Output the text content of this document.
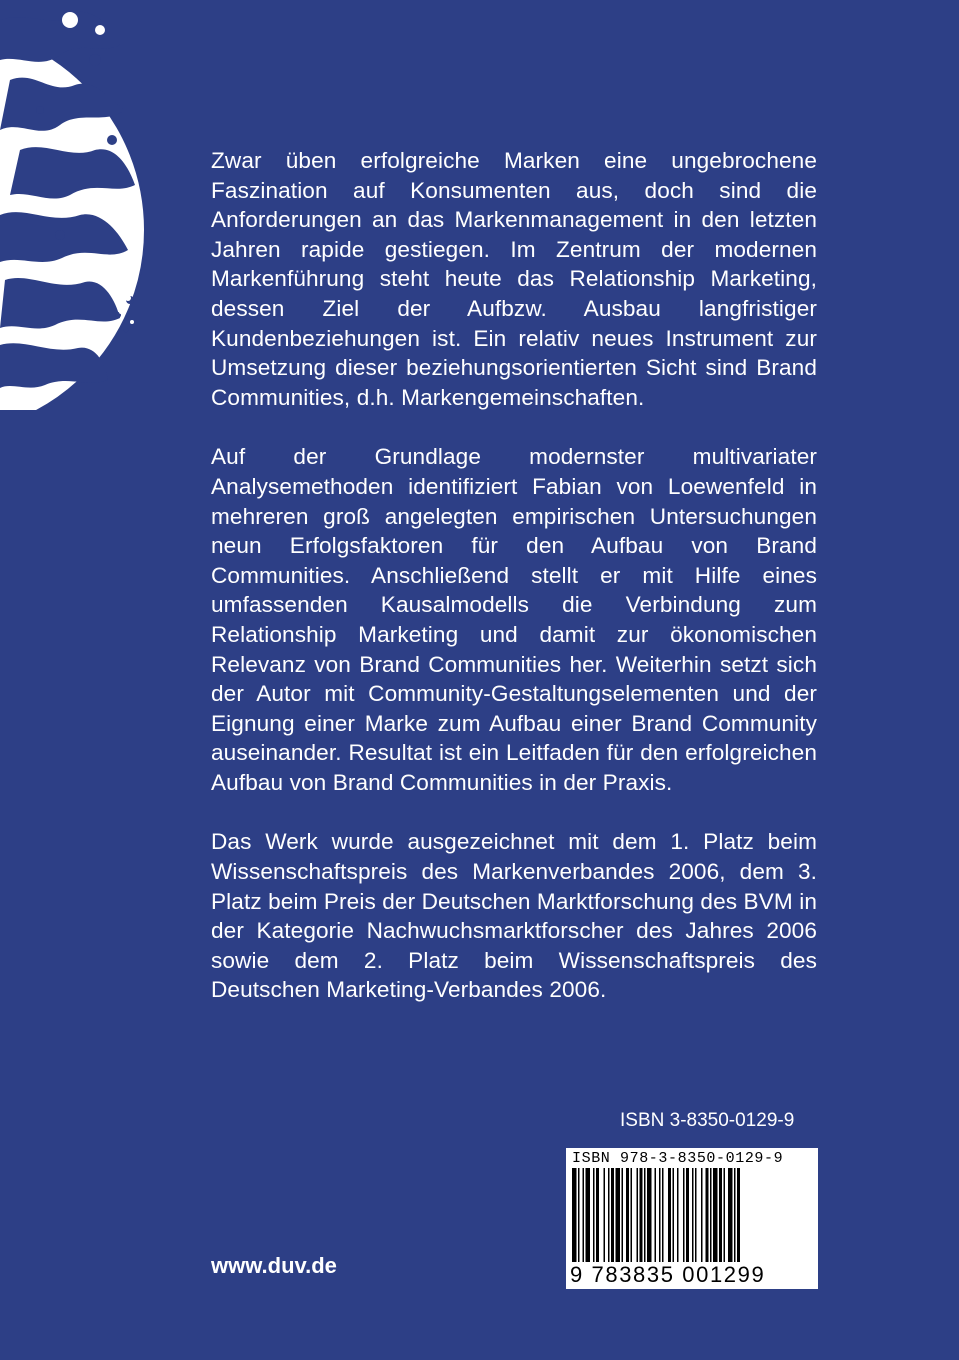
Zwar üben erfolgreiche Marken eine ungebrochene Faszination auf Konsumenten aus, doch sind die Anforderungen an das Markenmanagement in den letzten Jahren rapide gestiegen. Im Zentrum der modernen Markenführung steht heute das Relationship Marketing, dessen Ziel der Aufbzw. Ausbau langfristiger Kundenbeziehungen ist. Ein relativ neues Instrument zur Umsetzung dieser beziehungsorientierten Sicht sind Brand Communities, d.h. Markengemeinschaften.

Auf der Grundlage modernster multivariater Analysemethoden identifiziert Fabian von Loewenfeld in mehreren groß angelegten empirischen Untersuchungen neun Erfolgsfaktoren für den Aufbau von Brand Communities. Anschließend stellt er mit Hilfe eines umfassenden Kausalmodells die Verbindung zum Relationship Marketing und damit zur ökonomischen Relevanz von Brand Communities her. Weiterhin setzt sich der Autor mit Community-Gestaltungselementen und der Eignung einer Marke zum Aufbau einer Brand Community auseinander. Resultat ist ein Leitfaden für den erfolgreichen Aufbau von Brand Communities in der Praxis.

Das Werk wurde ausgezeichnet mit dem 1. Platz beim Wissenschaftspreis des Markenverbandes 2006, dem 3. Platz beim Preis der Deutschen Marktforschung des BVM in der Kategorie Nachwuchsmarktforscher des Jahres 2006 sowie dem 2. Platz beim Wissenschaftspreis des Deutschen Marketing-Verbandes 2006.

ISBN 3-8350-0129-9
ISBN 978-3-8350-0129-9
9 783835 001299
www.duv.de
